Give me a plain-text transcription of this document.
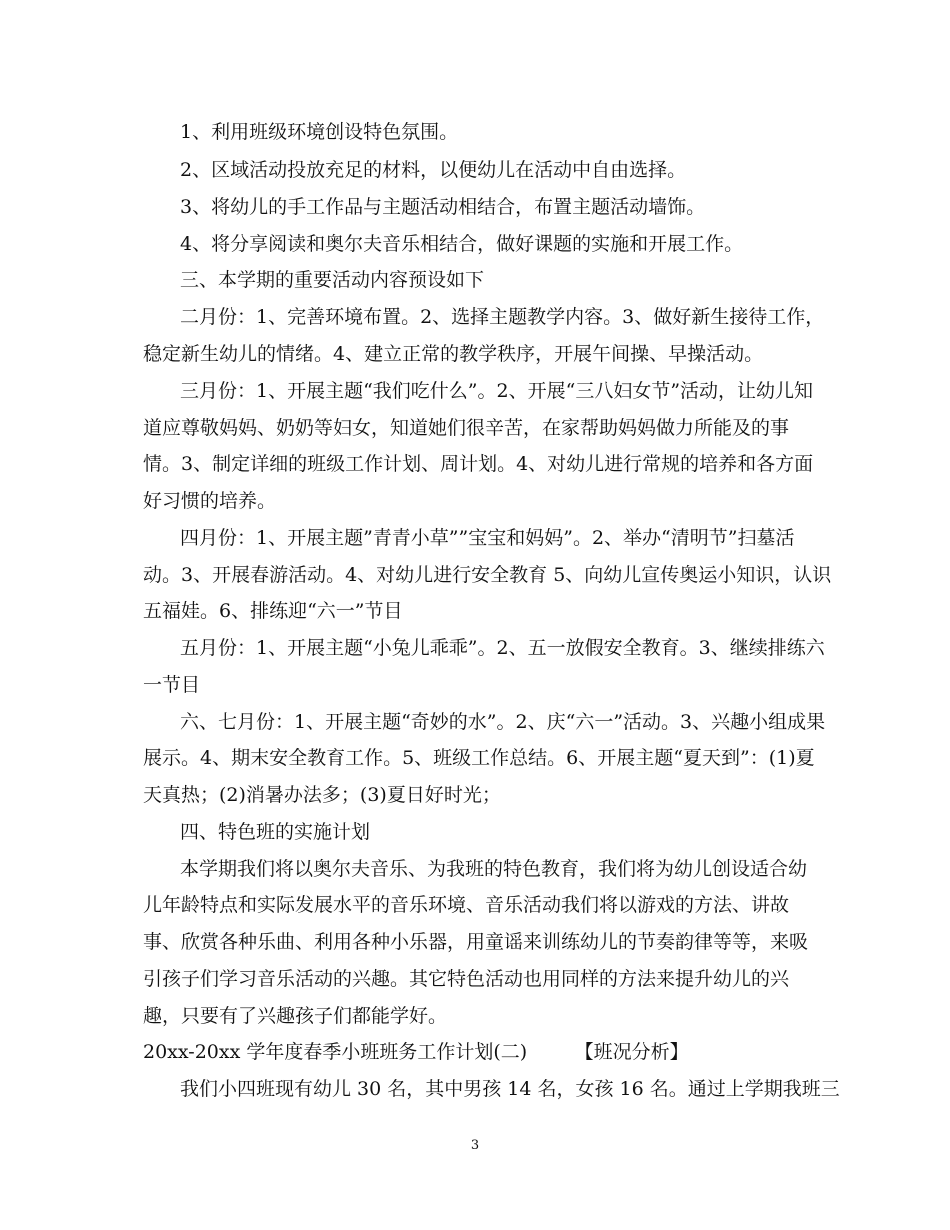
1、利用班级环境创设特色氛围。
2、区域活动投放充足的材料，以便幼儿在活动中自由选择。
3、将幼儿的手工作品与主题活动相结合，布置主题活动墙饰。
4、将分享阅读和奥尔夫音乐相结合，做好课题的实施和开展工作。
三、本学期的重要活动内容预设如下
二月份：1、完善环境布置。2、选择主题教学内容。3、做好新生接待工作，
稳定新生幼儿的情绪。4、建立正常的教学秩序，开展午间操、早操活动。
三月份：1、开展主题“我们吃什么”。2、开展“三八妇女节”活动，让幼儿知
道应尊敬妈妈、奶奶等妇女，知道她们很辛苦，在家帮助妈妈做力所能及的事
情。3、制定详细的班级工作计划、周计划。4、对幼儿进行常规的培养和各方面
好习惯的培养。
四月份：1、开展主题”青青小草””宝宝和妈妈”。2、举办“清明节”扫墓活
动。3、开展春游活动。4、对幼儿进行安全教育 5、向幼儿宣传奥运小知识，认识
五福娃。6、排练迎“六一”节目
五月份：1、开展主题“小兔儿乖乖”。2、五一放假安全教育。3、继续排练六
一节目
六、七月份：1、开展主题“奇妙的水”。2、庆“六一”活动。3、兴趣小组成果
展示。4、期末安全教育工作。5、班级工作总结。6、开展主题“夏天到”：(1)夏
天真热；(2)消暑办法多；(3)夏日好时光；
四、特色班的实施计划
本学期我们将以奥尔夫音乐、为我班的特色教育，我们将为幼儿创设适合幼
儿年龄特点和实际发展水平的音乐环境、音乐活动我们将以游戏的方法、讲故
事、欣赏各种乐曲、利用各种小乐器，用童谣来训练幼儿的节奏韵律等等，来吸
引孩子们学习音乐活动的兴趣。其它特色活动也用同样的方法来提升幼儿的兴
趣，只要有了兴趣孩子们都能学好。
20xx-20xx 学年度春季小班班务工作计划(二)　　　【班况分析】
我们小四班现有幼儿 30 名，其中男孩 14 名，女孩 16 名。通过上学期我班三
3
